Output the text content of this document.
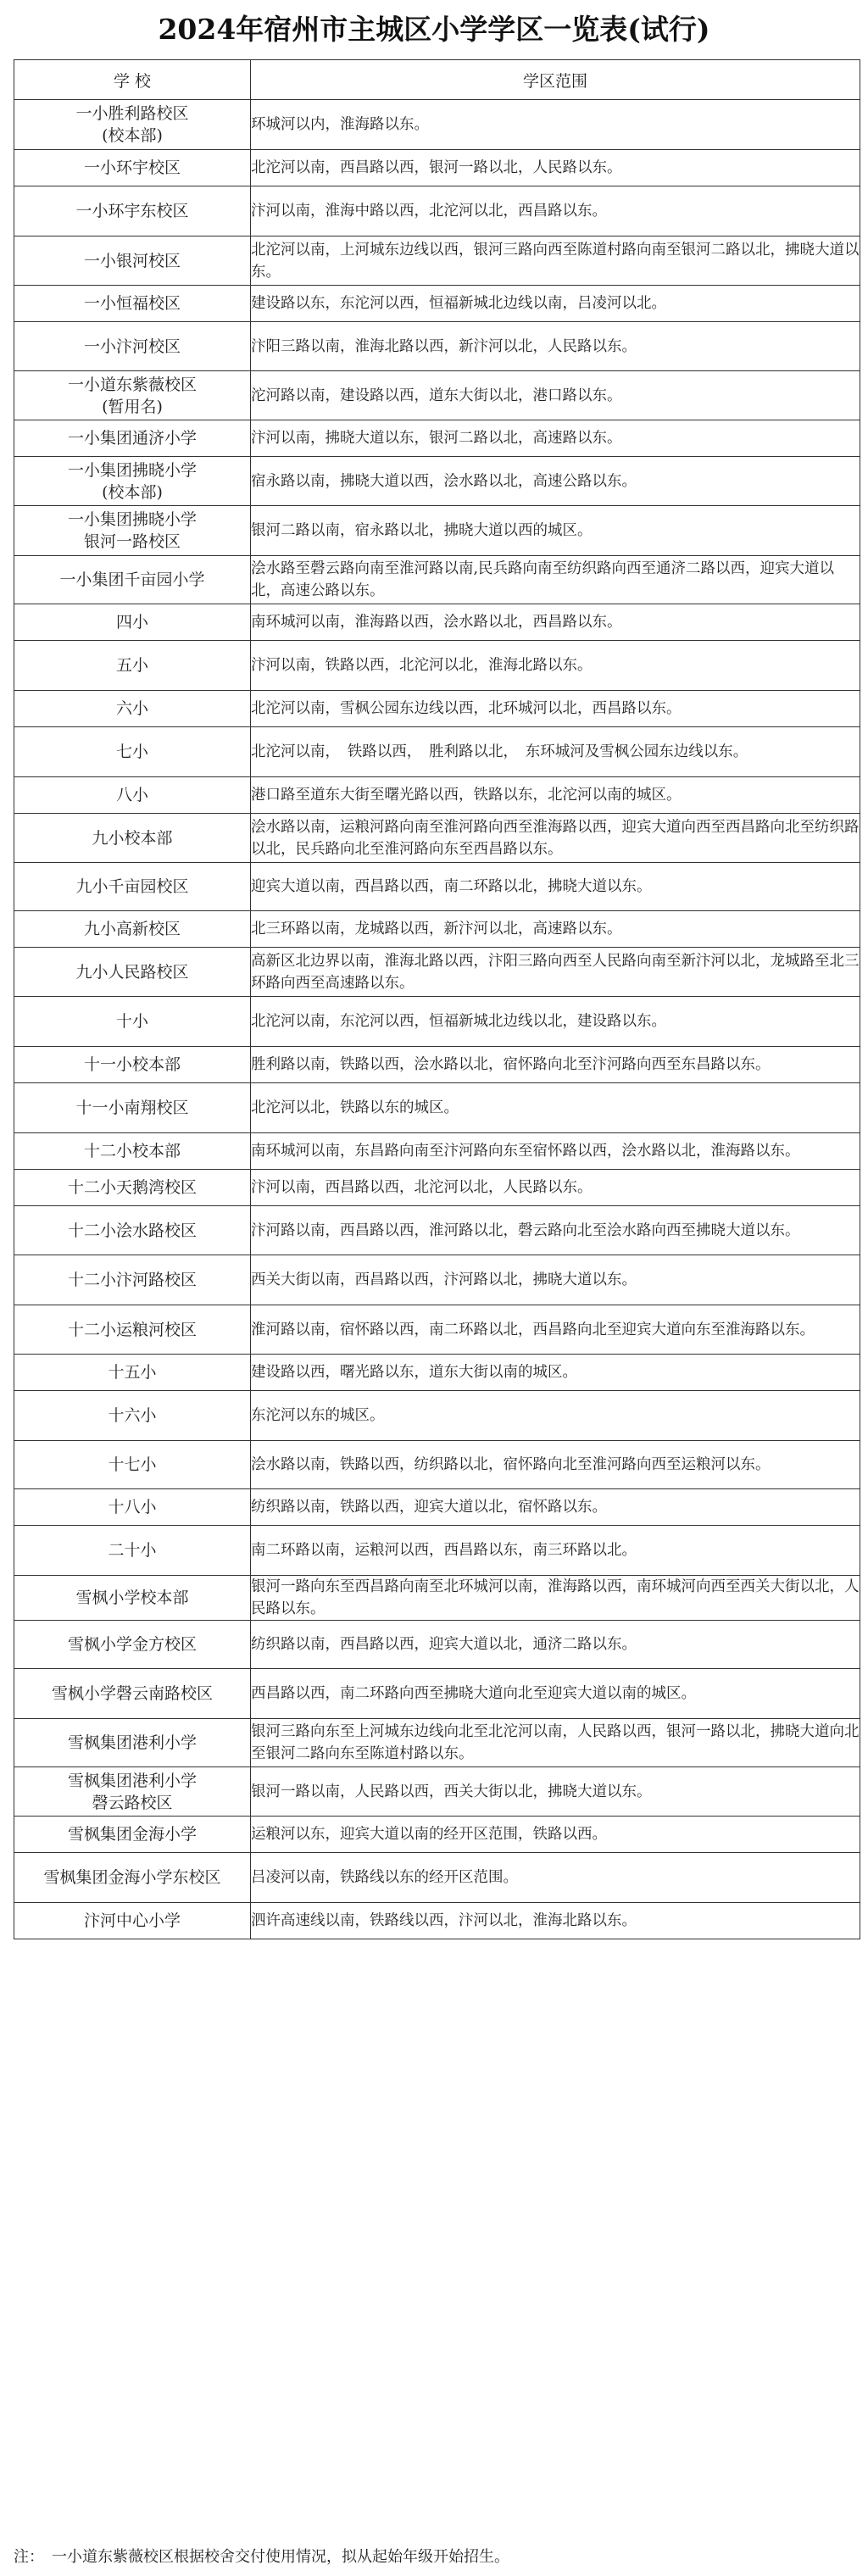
2024年宿州市主城区小学学区一览表(试行)
学 校	学区范围
一小胜利路校区
(校本部)	环城河以内，淮海路以东。
一小环宇校区	北沱河以南，西昌路以西，银河一路以北，人民路以东。
一小环宇东校区	汴河以南，淮海中路以西，北沱河以北，西昌路以东。
一小银河校区	北沱河以南，上河城东边线以西，银河三路向西至陈道村路向南至银河二路以北，拂晓大道以东。
一小恒福校区	建设路以东，东沱河以西，恒福新城北边线以南，吕凌河以北。
一小汴河校区	汴阳三路以南，淮海北路以西，新汴河以北，人民路以东。
一小道东紫薇校区
(暂用名)	沱河路以南，建设路以西，道东大街以北，港口路以东。
一小集团通济小学	汴河以南，拂晓大道以东，银河二路以北，高速路以东。
一小集团拂晓小学
(校本部)	宿永路以南，拂晓大道以西，浍水路以北，高速公路以东。
一小集团拂晓小学
银河一路校区	银河二路以南，宿永路以北，拂晓大道以西的城区。
一小集团千亩园小学	浍水路至磬云路向南至淮河路以南,民兵路向南至纺织路向西至通济二路以西，迎宾大道以北，高速公路以东。
四小	南环城河以南，淮海路以西，浍水路以北，西昌路以东。
五小	汴河以南，铁路以西，北沱河以北，淮海北路以东。
六小	北沱河以南，雪枫公园东边线以西，北环城河以北，西昌路以东。
七小	北沱河以南，　铁路以西，　胜利路以北，　东环城河及雪枫公园东边线以东。
八小	港口路至道东大街至曙光路以西，铁路以东，北沱河以南的城区。
九小校本部	浍水路以南，运粮河路向南至淮河路向西至淮海路以西，迎宾大道向西至西昌路向北至纺织路以北，民兵路向北至淮河路向东至西昌路以东。
九小千亩园校区	迎宾大道以南，西昌路以西，南二环路以北，拂晓大道以东。
九小高新校区	北三环路以南，龙城路以西，新汴河以北，高速路以东。
九小人民路校区	高新区北边界以南，淮海北路以西，汴阳三路向西至人民路向南至新汴河以北，龙城路至北三环路向西至高速路以东。
十小	北沱河以南，东沱河以西，恒福新城北边线以北，建设路以东。
十一小校本部	胜利路以南，铁路以西，浍水路以北，宿怀路向北至汴河路向西至东昌路以东。
十一小南翔校区	北沱河以北，铁路以东的城区。
十二小校本部	南环城河以南，东昌路向南至汴河路向东至宿怀路以西，浍水路以北，淮海路以东。
十二小天鹅湾校区	汴河以南，西昌路以西，北沱河以北，人民路以东。
十二小浍水路校区	汴河路以南，西昌路以西，淮河路以北，磬云路向北至浍水路向西至拂晓大道以东。
十二小汴河路校区	西关大街以南，西昌路以西，汴河路以北，拂晓大道以东。
十二小运粮河校区	淮河路以南，宿怀路以西，南二环路以北，西昌路向北至迎宾大道向东至淮海路以东。
十五小	建设路以西，曙光路以东，道东大街以南的城区。
十六小	东沱河以东的城区。
十七小	浍水路以南，铁路以西，纺织路以北，宿怀路向北至淮河路向西至运粮河以东。
十八小	纺织路以南，铁路以西，迎宾大道以北，宿怀路以东。
二十小	南二环路以南，运粮河以西，西昌路以东，南三环路以北。
雪枫小学校本部	银河一路向东至西昌路向南至北环城河以南，淮海路以西，南环城河向西至西关大街以北，人民路以东。
雪枫小学金方校区	纺织路以南，西昌路以西，迎宾大道以北，通济二路以东。
雪枫小学磬云南路校区	西昌路以西，南二环路向西至拂晓大道向北至迎宾大道以南的城区。
雪枫集团港利小学	银河三路向东至上河城东边线向北至北沱河以南，人民路以西，银河一路以北，拂晓大道向北至银河二路向东至陈道村路以东。
雪枫集团港利小学
磬云路校区	银河一路以南，人民路以西，西关大街以北，拂晓大道以东。
雪枫集团金海小学	运粮河以东，迎宾大道以南的经开区范围，铁路以西。
雪枫集团金海小学东校区	吕凌河以南，铁路线以东的经开区范围。
汴河中心小学	泗许高速线以南，铁路线以西，汴河以北，淮海北路以东。
注：　一小道东紫薇校区根据校舍交付使用情况，拟从起始年级开始招生。
